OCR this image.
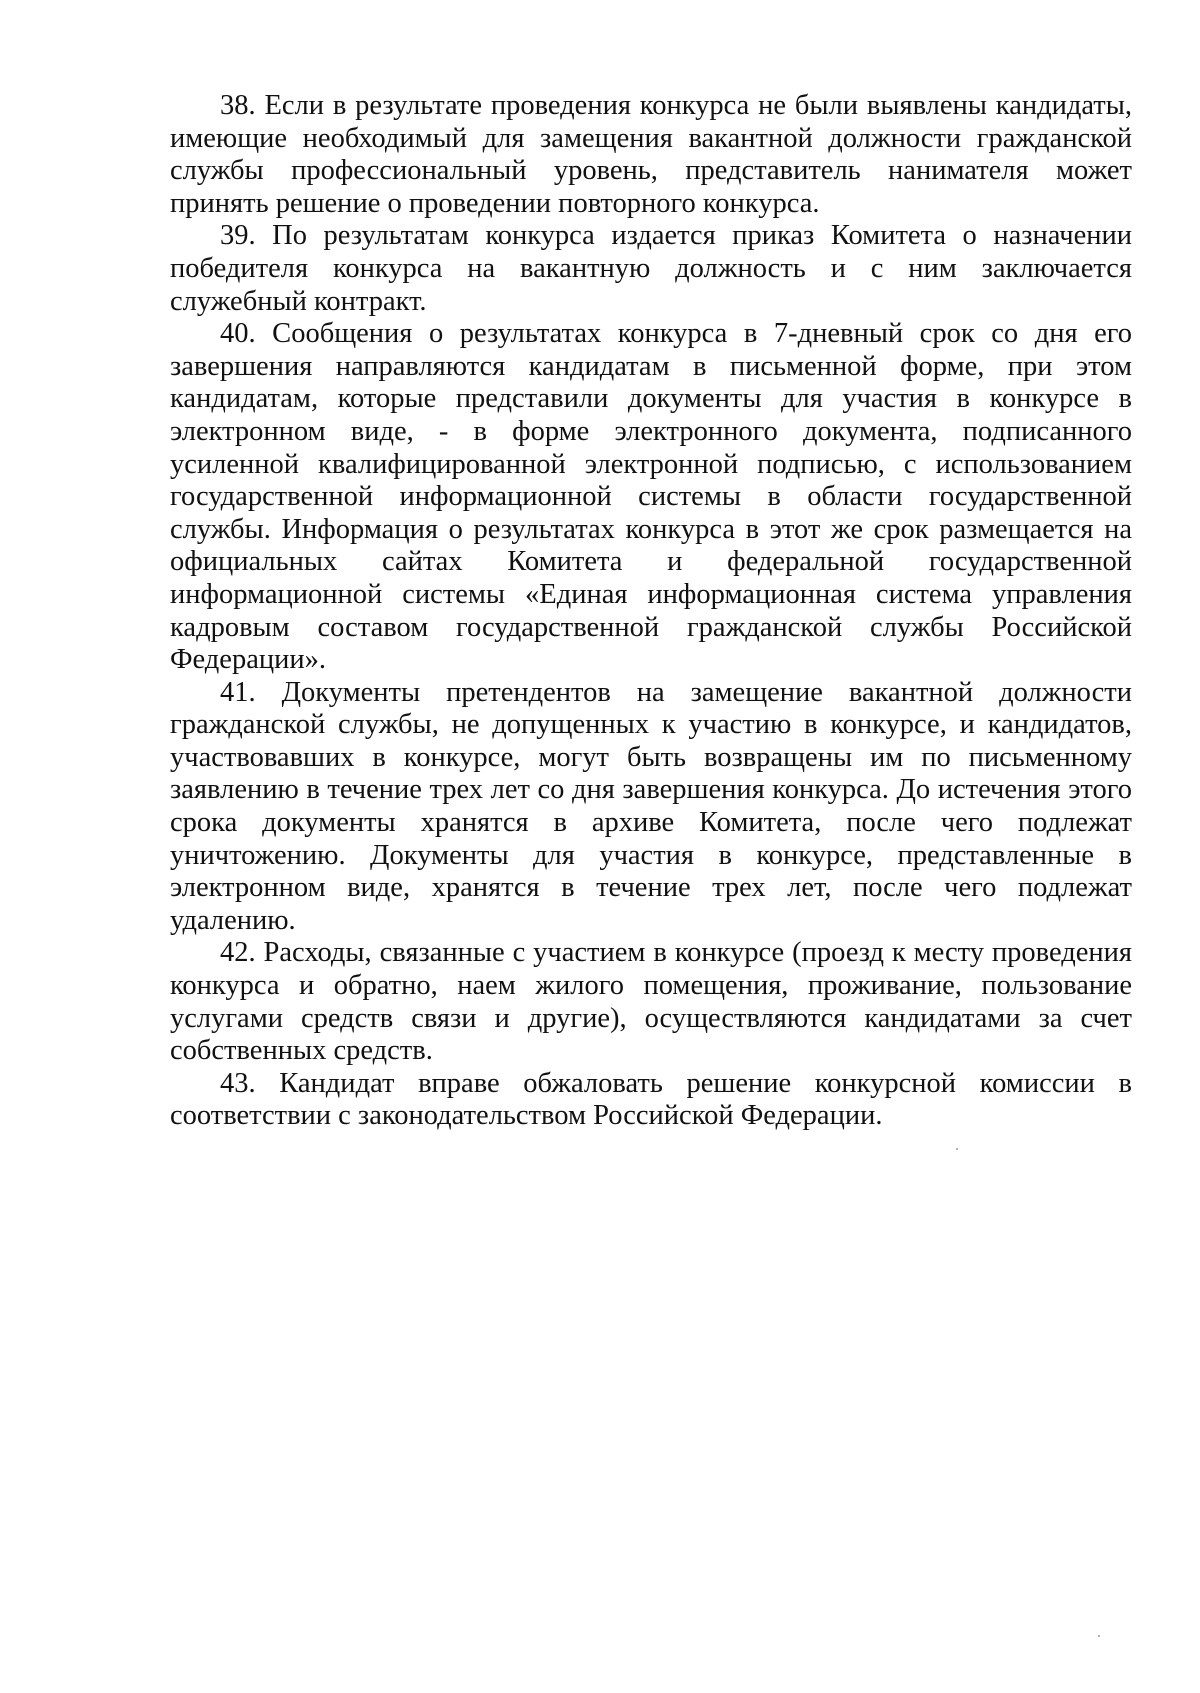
38. Если в результате проведения конкурса не были выявлены кандидаты, имеющие необходимый для замещения вакантной должности гражданской службы профессиональный уровень, представитель нанимателя может принять решение о проведении повторного конкурса.

39. По результатам конкурса издается приказ Комитета о назначении победителя конкурса на вакантную должность и с ним заключается служебный контракт.

40. Сообщения о результатах конкурса в 7-дневный срок со дня его завершения направляются кандидатам в письменной форме, при этом кандидатам, которые представили документы для участия в конкурсе в электронном виде, - в форме электронного документа, подписанного усиленной квалифицированной электронной подписью, с использованием государственной информационной системы в области государственной службы. Информация о результатах конкурса в этот же срок размещается на официальных сайтах Комитета и федеральной государственной информационной системы «Единая информационная система управления кадровым составом государственной гражданской службы Российской Федерации».

41. Документы претендентов на замещение вакантной должности гражданской службы, не допущенных к участию в конкурсе, и кандидатов, участвовавших в конкурсе, могут быть возвращены им по письменному заявлению в течение трех лет со дня завершения конкурса. До истечения этого срока документы хранятся в архиве Комитета, после чего подлежат уничтожению. Документы для участия в конкурсе, представленные в электронном виде, хранятся в течение трех лет, после чего подлежат удалению.

42. Расходы, связанные с участием в конкурсе (проезд к месту проведения конкурса и обратно, наем жилого помещения, проживание, пользование услугами средств связи и другие), осуществляются кандидатами за счет собственных средств.

43. Кандидат вправе обжаловать решение конкурсной комиссии в соответствии с законодательством Российской Федерации.
